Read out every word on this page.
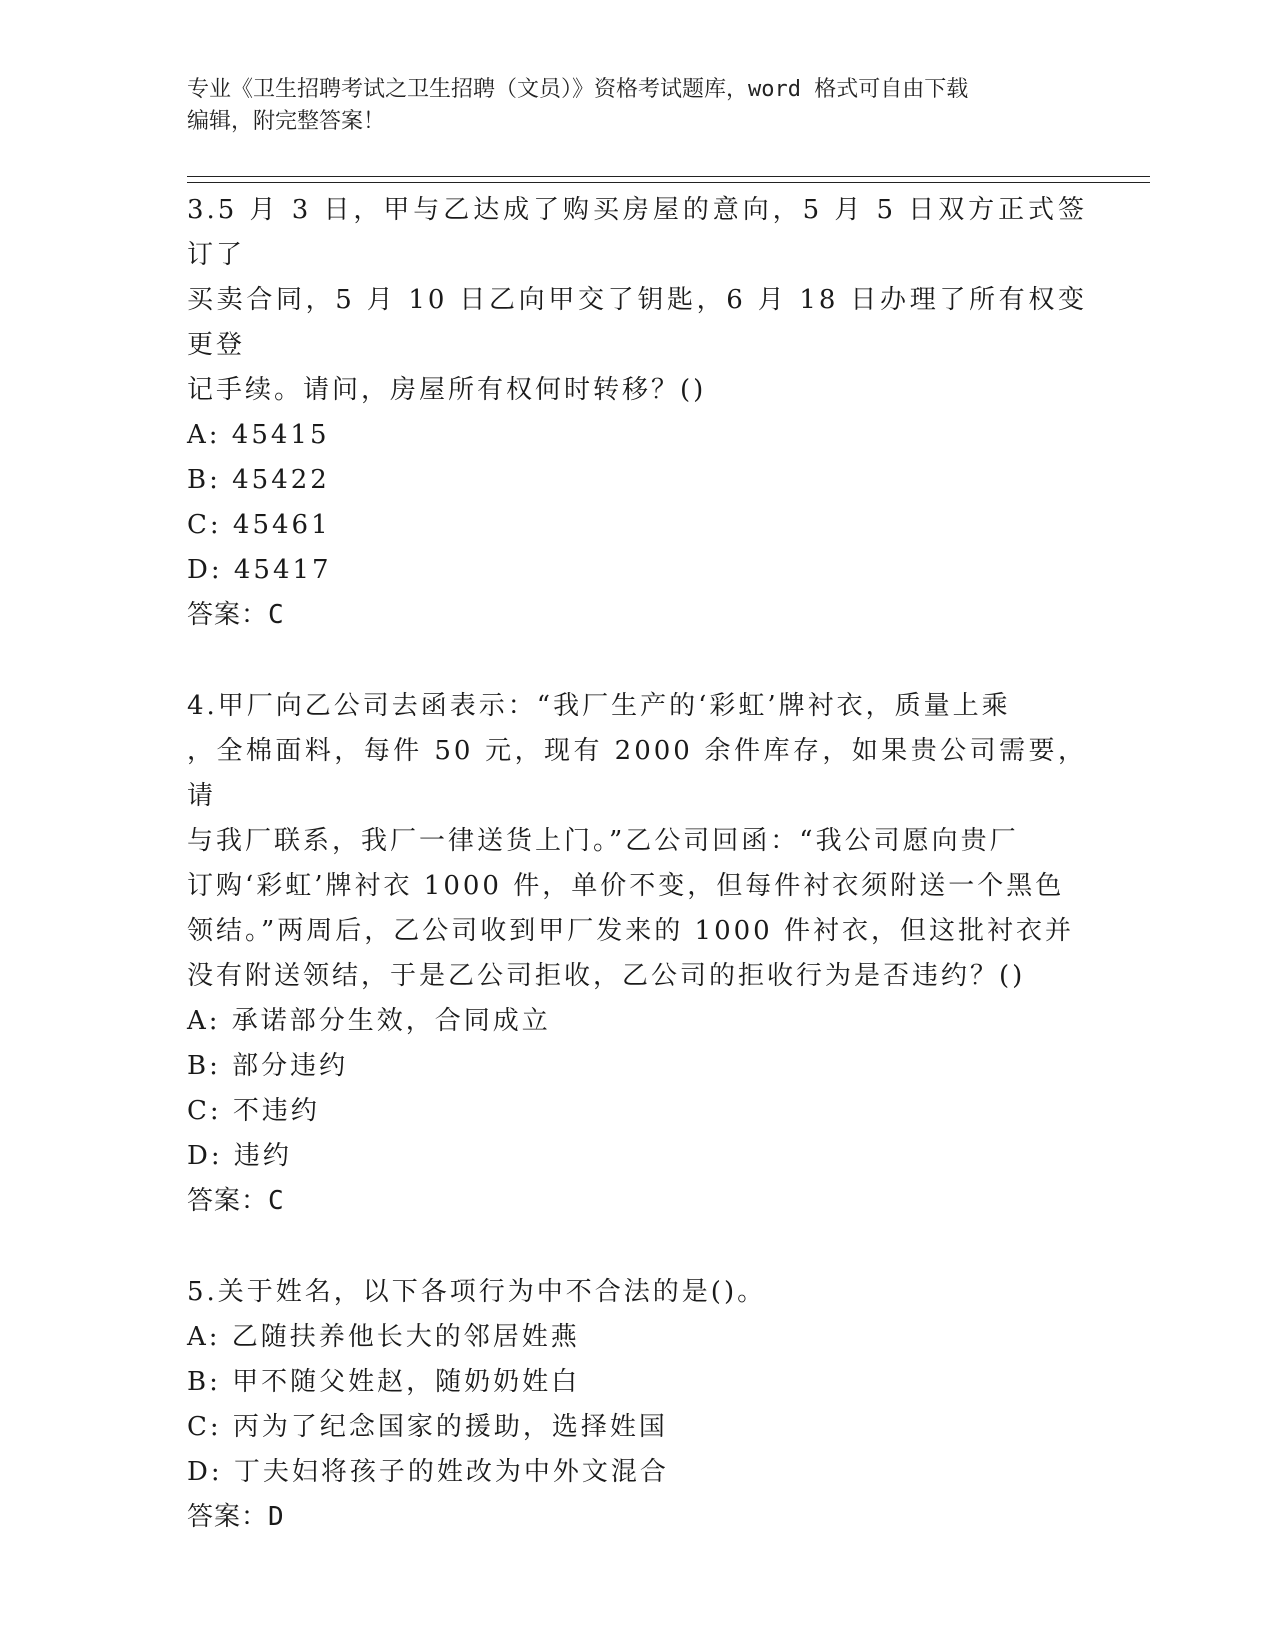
专业《卫生招聘考试之卫生招聘（文员）》资格考试题库，word 格式可自由下载
编辑，附完整答案！

3.5 月 3 日，甲与乙达成了购买房屋的意向，5 月 5 日双方正式签订了

买卖合同，5 月 10 日乙向甲交了钥匙，6 月 18 日办理了所有权变更登

记手续。请问，房屋所有权何时转移？()

A: 45415

B: 45422

C: 45461

D: 45417

答案：C

4.甲厂向乙公司去函表示：“我厂生产的‘彩虹’牌衬衣，质量上乘

，全棉面料，每件 50 元，现有 2000 余件库存，如果贵公司需要，请

与我厂联系，我厂一律送货上门。”乙公司回函：“我公司愿向贵厂

订购‘彩虹’牌衬衣 1000 件，单价不变，但每件衬衣须附送一个黑色

领结。”两周后，乙公司收到甲厂发来的 1000 件衬衣，但这批衬衣并

没有附送领结，于是乙公司拒收，乙公司的拒收行为是否违约？()

A: 承诺部分生效，合同成立

B: 部分违约

C: 不违约

D: 违约

答案：C

5.关于姓名，以下各项行为中不合法的是()。

A: 乙随扶养他长大的邻居姓燕

B: 甲不随父姓赵，随奶奶姓白

C: 丙为了纪念国家的援助，选择姓国

D: 丁夫妇将孩子的姓改为中外文混合

答案：D
